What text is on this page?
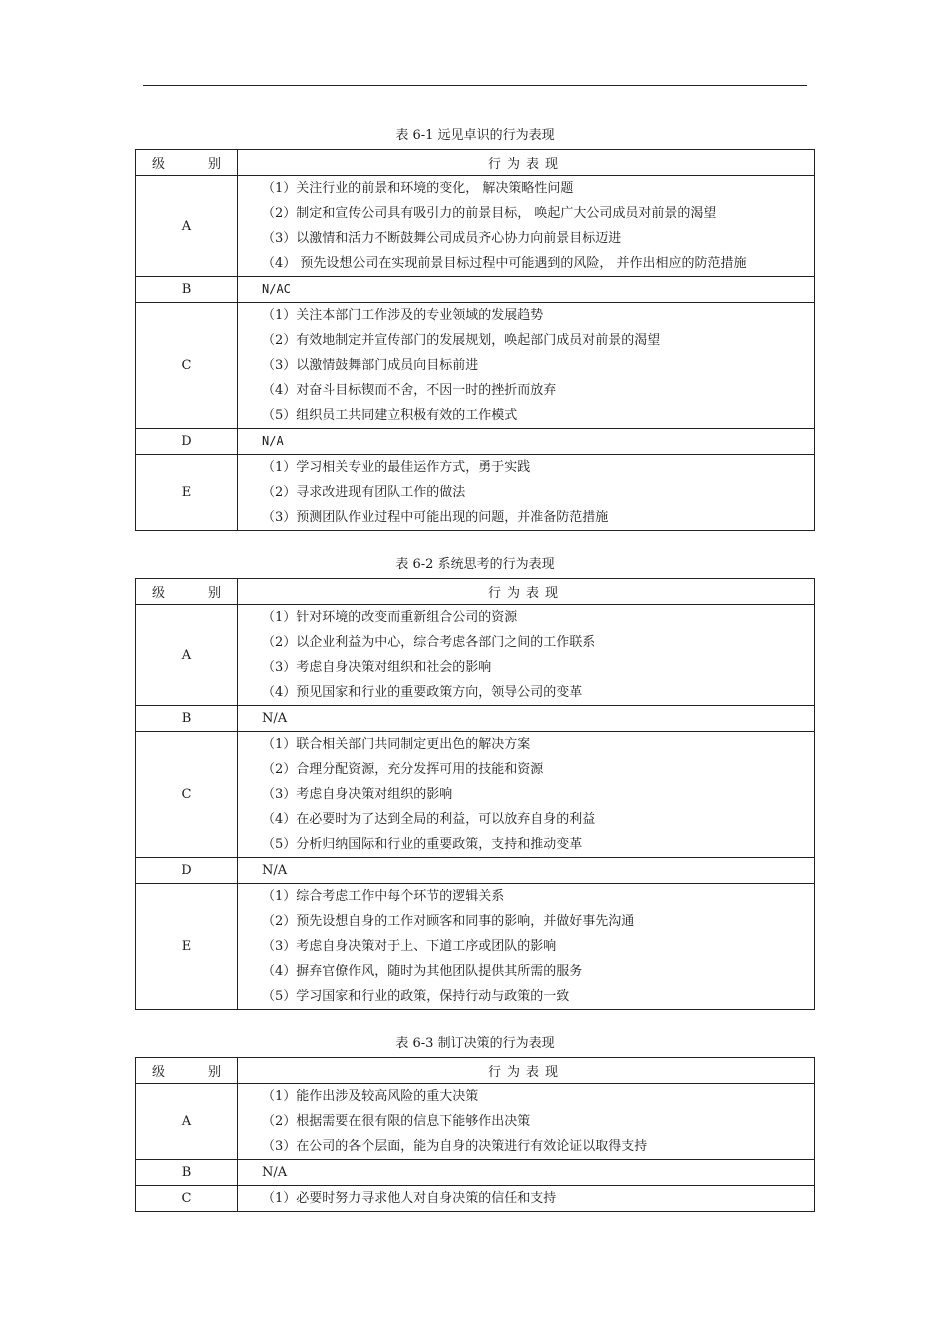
表 6-1 远见卓识的行为表现
级 别	行为表现

A	（1）关注行业的前景和环境的变化， 解决策略性问题
（2）制定和宣传公司具有吸引力的前景目标， 唤起广大公司成员对前景的渴望
（3）以激情和活力不断鼓舞公司成员齐心协力向前景目标迈进
（4） 预先设想公司在实现前景目标过程中可能遇到的风险， 并作出相应的防范措施

B	N/AC

C	（1）关注本部门工作涉及的专业领域的发展趋势
（2）有效地制定并宣传部门的发展规划，唤起部门成员对前景的渴望
（3）以激情鼓舞部门成员向目标前进
（4）对奋斗目标锲而不舍，不因一时的挫折而放弃
（5）组织员工共同建立积极有效的工作模式

D	N/A

E	（1）学习相关专业的最佳运作方式，勇于实践
（2）寻求改进现有团队工作的做法
（3）预测团队作业过程中可能出现的问题，并准备防范措施
表 6-2 系统思考的行为表现
级 别	行为表现

A	（1）针对环境的改变而重新组合公司的资源
（2）以企业利益为中心，综合考虑各部门之间的工作联系
（3）考虑自身决策对组织和社会的影响
（4）预见国家和行业的重要政策方向，领导公司的变革

B	N/A

C	（1）联合相关部门共同制定更出色的解决方案
（2）合理分配资源，充分发挥可用的技能和资源
（3）考虑自身决策对组织的影响
（4）在必要时为了达到全局的利益，可以放弃自身的利益
（5）分析归纳国际和行业的重要政策，支持和推动变革

D	N/A

E	（1）综合考虑工作中每个环节的逻辑关系
（2）预先设想自身的工作对顾客和同事的影响，并做好事先沟通
（3）考虑自身决策对于上、下道工序或团队的影响
（4）摒弃官僚作风，随时为其他团队提供其所需的服务
（5）学习国家和行业的政策，保持行动与政策的一致
表 6-3 制订决策的行为表现
级 别	行为表现

A	（1）能作出涉及较高风险的重大决策
（2）根据需要在很有限的信息下能够作出决策
（3）在公司的各个层面，能为自身的决策进行有效论证以取得支持

B	N/A

C	（1）必要时努力寻求他人对自身决策的信任和支持
